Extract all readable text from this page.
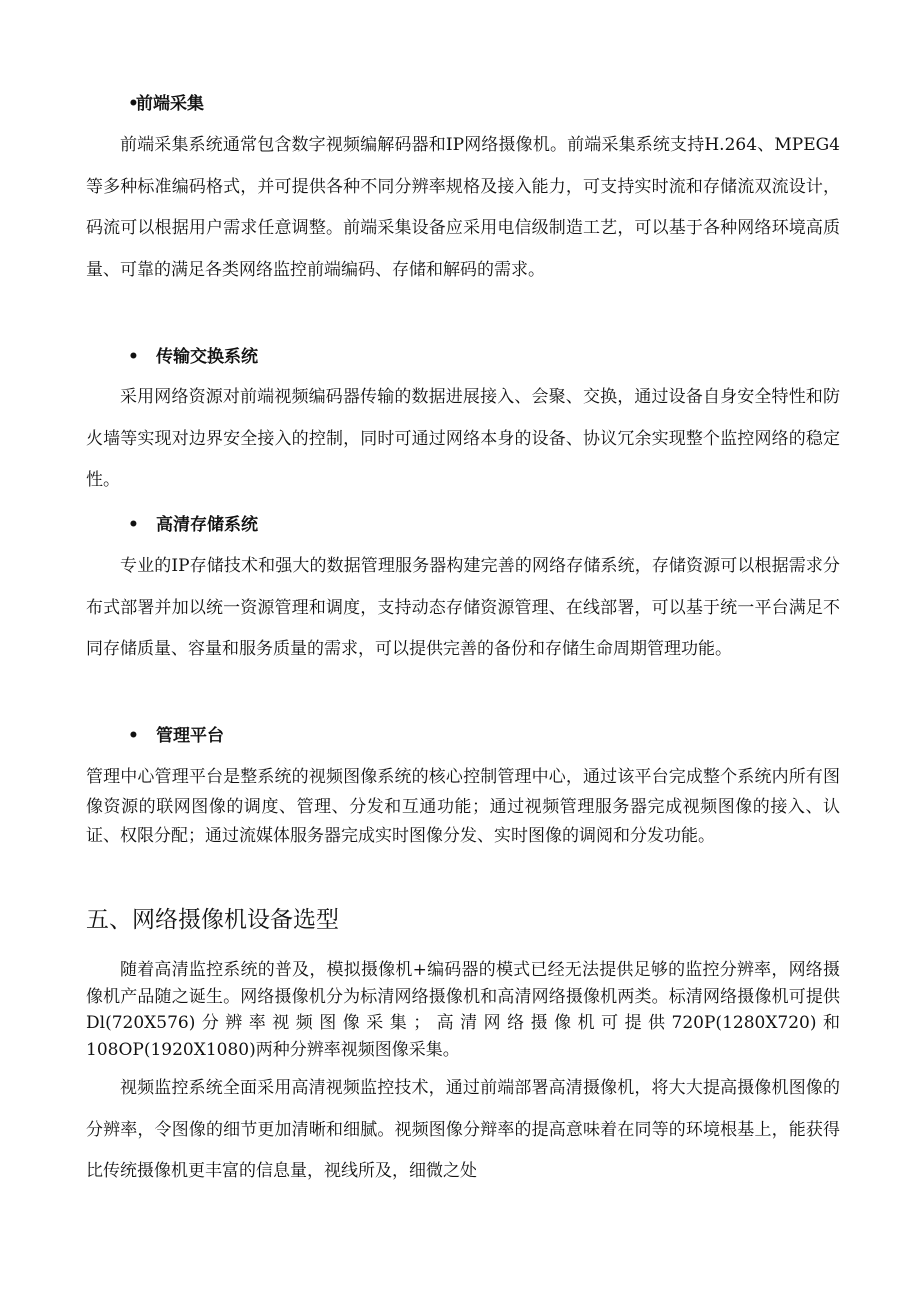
•前端采集

前端采集系统通常包含数字视频编解码器和IP网络摄像机。前端采集系统支持H.264、MPEG4等多种标准编码格式，并可提供各种不同分辨率规格及接入能力，可支持实时流和存储流双流设计，码流可以根据用户需求任意调整。前端采集设备应采用电信级制造工艺，可以基于各种网络环境高质量、可靠的满足各类网络监控前端编码、存储和解码的需求。

• 传输交换系统

采用网络资源对前端视频编码器传输的数据进展接入、会聚、交换，通过设备自身安全特性和防火墙等实现对边界安全接入的控制，同时可通过网络本身的设备、协议冗余实现整个监控网络的稳定性。

• 高清存储系统

专业的IP存储技术和强大的数据管理服务器构建完善的网络存储系统，存储资源可以根据需求分布式部署并加以统一资源管理和调度，支持动态存储资源管理、在线部署，可以基于统一平台满足不同存储质量、容量和服务质量的需求，可以提供完善的备份和存储生命周期管理功能。

• 管理平台

管理中心管理平台是整系统的视频图像系统的核心控制管理中心，通过该平台完成整个系统内所有图像资源的联网图像的调度、管理、分发和互通功能；通过视频管理服务器完成视频图像的接入、认证、权限分配；通过流媒体服务器完成实时图像分发、实时图像的调阅和分发功能。

五、网络摄像机设备选型

随着高清监控系统的普及，模拟摄像机+编码器的模式已经无法提供足够的监控分辨率，网络摄像机产品随之诞生。网络摄像机分为标清网络摄像机和高清网络摄像机两类。标清网络摄像机可提供Dl(720X576)分辨率视频图像采集；高清网络摄像机可提供720P(1280X720)和108OP(1920X1080)两种分辨率视频图像采集。

视频监控系统全面采用高清视频监控技术，通过前端部署高清摄像机，将大大提高摄像机图像的分辨率，令图像的细节更加清晰和细腻。视频图像分辩率的提高意味着在同等的环境根基上，能获得比传统摄像机更丰富的信息量，视线所及，细微之处
